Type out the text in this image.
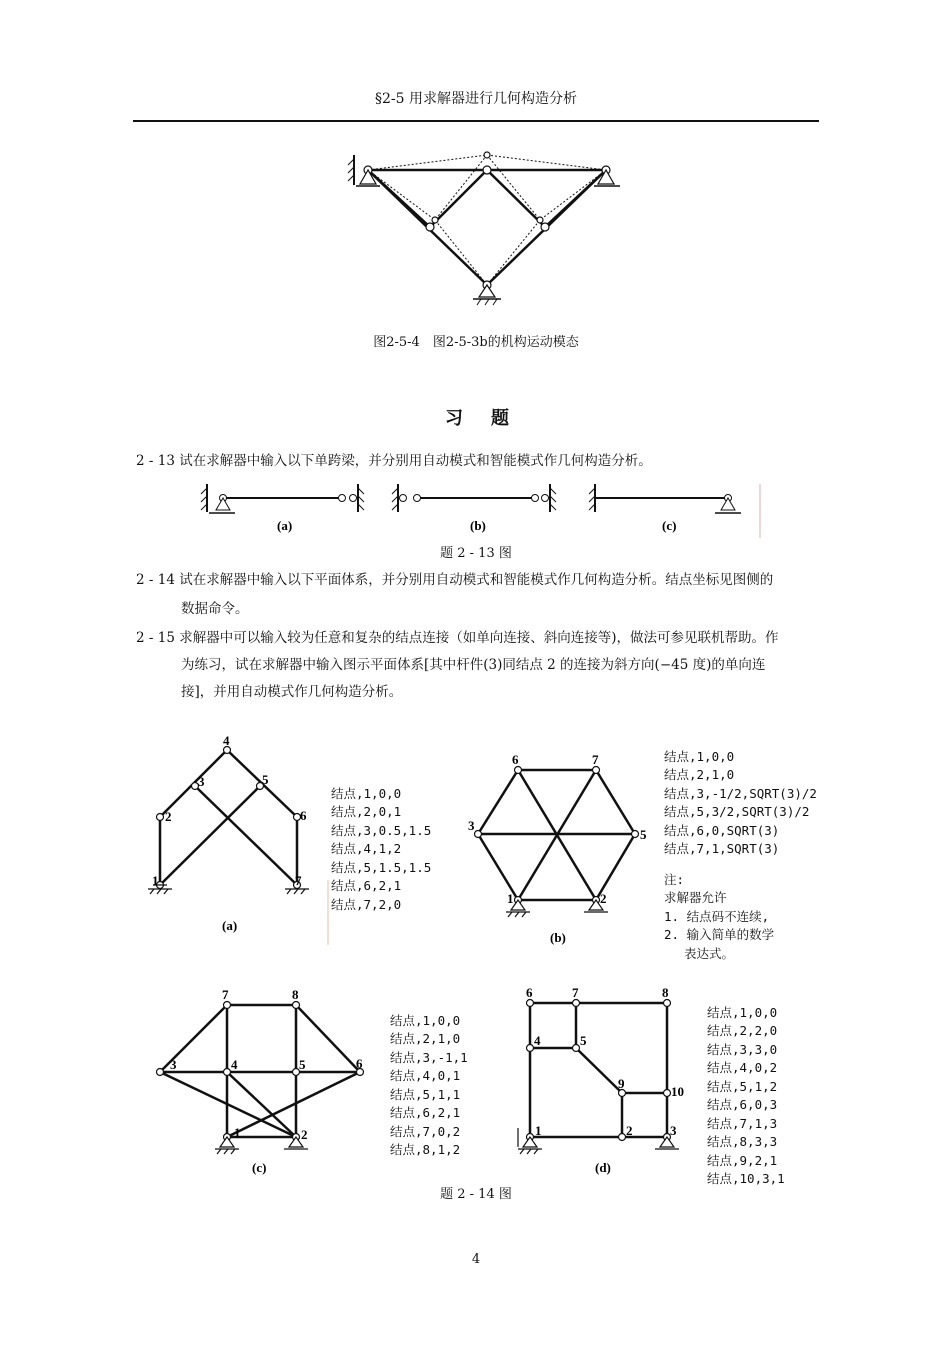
§2-5 用求解器进行几何构造分析
图2-5-4　图2-5-3b的机构运动模态
习题
2 - 13 试在求解器中输入以下单跨梁，并分别用自动模式和智能模式作几何构造分析。
(a)	(b)	(c)
题 2 - 13 图
2 - 14 试在求解器中输入以下平面体系，并分别用自动模式和智能模式作几何构造分析。结点坐标见图侧的
数据命令。
2 - 15 求解器中可以输入较为任意和复杂的结点连接（如单向连接、斜向连接等)，做法可参见联机帮助。作
为练习，试在求解器中输入图示平面体系[其中杆件(3)同结点 2 的连接为斜方向(−45 度)的单向连
接]，并用自动模式作几何构造分析。
1
2
3
4
5
6
7
(a)

结点,1,0,0
结点,2,0,1
结点,3,0.5,1.5
结点,4,1,2
结点,5,1.5,1.5
结点,6,2,1
结点,7,2,0	1	2
3
5
6	7
(b)

结点,1,0,0
结点,2,1,0
结点,3,-1/2,SQRT(3)/2
结点,5,3/2,SQRT(3)/2
结点,6,0,SQRT(3)
结点,7,1,SQRT(3)

注:
求解器允许
1. 结点码不连续,
2. 输入简单的数学
　 表达式。

1	2
3	4	5	6
7	8
(c)

结点,1,0,0
结点,2,1,0
结点,3,-1,1
结点,4,0,1
结点,5,1,1
结点,6,2,1
结点,7,0,2
结点,8,1,2

1	2	3
4	5
6	7	8
9
10
(d)

结点,1,0,0
结点,2,2,0
结点,3,3,0
结点,4,0,2
结点,5,1,2
结点,6,0,3
结点,7,1,3
结点,8,3,3
结点,9,2,1
结点,10,3,1

题 2 - 14 图
4
